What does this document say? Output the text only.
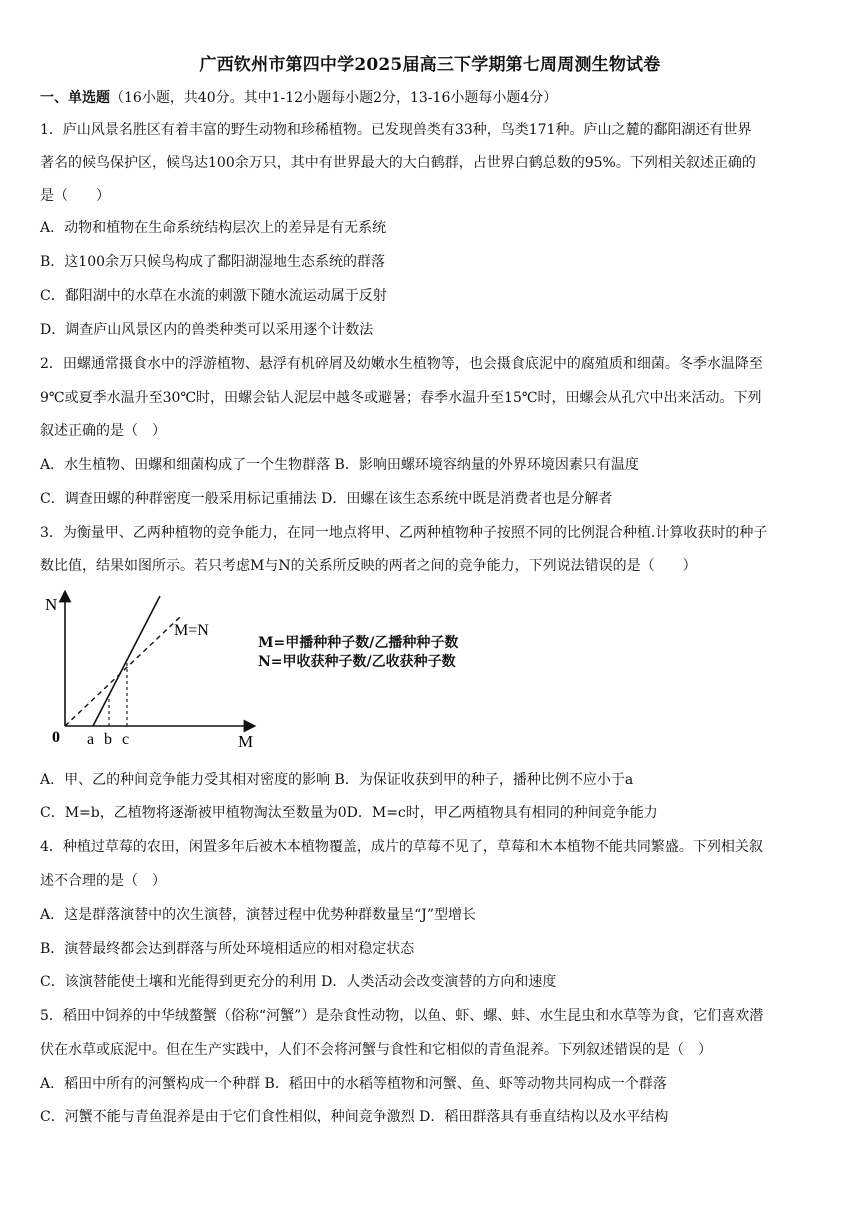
广西钦州市第四中学2025届高三下学期第七周周测生物试卷
一、单选题（16小题，共40分。其中1-12小题每小题2分，13-16小题每小题4分）
1．庐山风景名胜区有着丰富的野生动物和珍稀植物。已发现兽类有33种，鸟类171种。庐山之麓的鄱阳湖还有世界
著名的候鸟保护区，候鸟达100余万只，其中有世界最大的大白鹤群，占世界白鹤总数的95%。下列相关叙述正确的
是（　　）
A．动物和植物在生命系统结构层次上的差异是有无系统
B．这100余万只候鸟构成了鄱阳湖湿地生态系统的群落
C．鄱阳湖中的水草在水流的刺激下随水流运动属于反射
D．调查庐山风景区内的兽类种类可以采用逐个计数法
2．田螺通常摄食水中的浮游植物、悬浮有机碎屑及幼嫩水生植物等，也会摄食底泥中的腐殖质和细菌。冬季水温降至
9℃或夏季水温升至30℃时，田螺会钻人泥层中越冬或避暑；春季水温升至15℃时，田螺会从孔穴中出来活动。下列
叙述正确的是（　）
A．水生植物、田螺和细菌构成了一个生物群落 B．影响田螺环境容纳量的外界环境因素只有温度
C．调查田螺的种群密度一般采用标记重捕法 D．田螺在该生态系统中既是消费者也是分解者
3．为衡量甲、乙两种植物的竞争能力，在同一地点将甲、乙两种植物种子按照不同的比例混合种植.计算收获时的种子
数比值，结果如图所示。若只考虑M与N的关系所反映的两者之间的竞争能力，下列说法错误的是（　　）
N
M
0 a b c
M=N
M=甲播种种子数/乙播种种子数
N=甲收获种子数/乙收获种子数
A．甲、乙的种间竞争能力受其相对密度的影响 B．为保证收获到甲的种子，播种比例不应小于a
C．M=b，乙植物将逐渐被甲植物淘汰至数量为0D．M=c时，甲乙两植物具有相同的种间竞争能力
4．种植过草莓的农田，闲置多年后被木本植物覆盖，成片的草莓不见了，草莓和木本植物不能共同繁盛。下列相关叙
述不合理的是（　）
A．这是群落演替中的次生演替，演替过程中优势种群数量呈“J”型增长
B．演替最终都会达到群落与所处环境相适应的相对稳定状态
C．该演替能使土壤和光能得到更充分的利用 D．人类活动会改变演替的方向和速度
5．稻田中饲养的中华绒螯蟹（俗称“河蟹”）是杂食性动物，以鱼、虾、螺、蚌、水生昆虫和水草等为食，它们喜欢潜
伏在水草或底泥中。但在生产实践中，人们不会将河蟹与食性和它相似的青鱼混养。下列叙述错误的是（　）
A．稻田中所有的河蟹构成一个种群 B．稻田中的水稻等植物和河蟹、鱼、虾等动物共同构成一个群落
C．河蟹不能与青鱼混养是由于它们食性相似，种间竞争激烈 D．稻田群落具有垂直结构以及水平结构
